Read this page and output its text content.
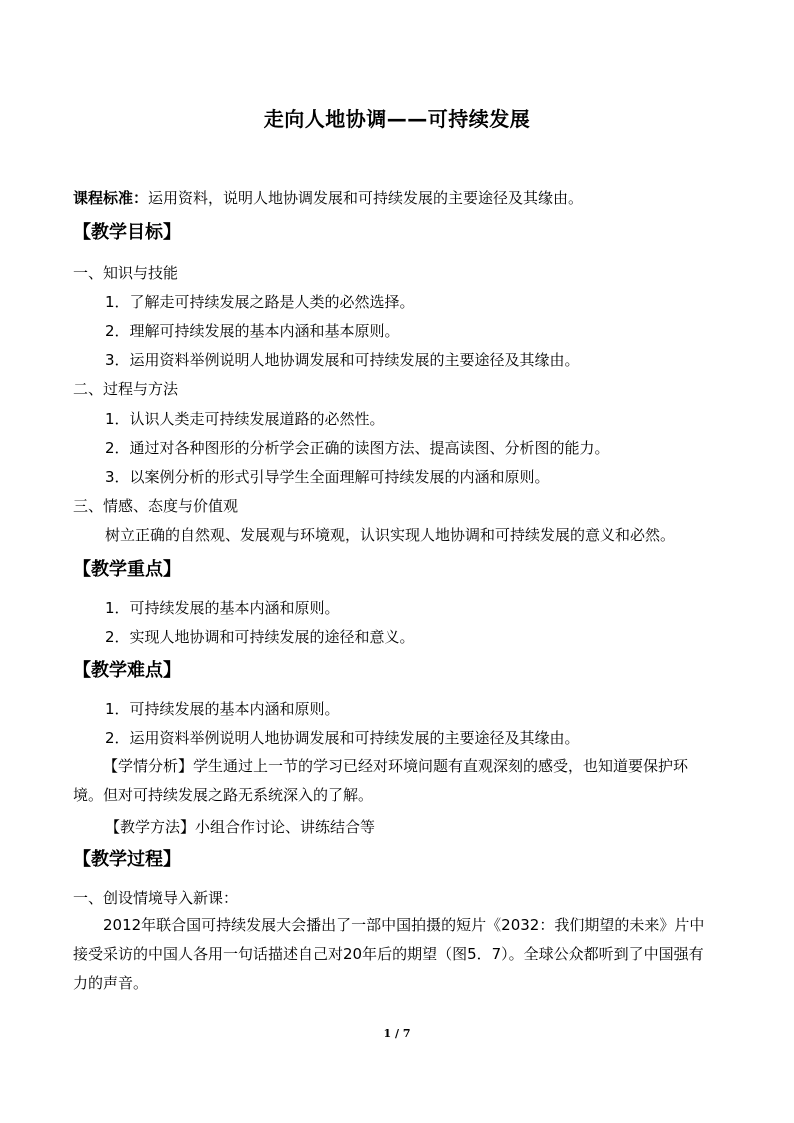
走向人地协调——可持续发展
课程标准：运用资料，说明人地协调发展和可持续发展的主要途径及其缘由。
【教学目标】
一、知识与技能
1．了解走可持续发展之路是人类的必然选择。
2．理解可持续发展的基本内涵和基本原则。
3．运用资料举例说明人地协调发展和可持续发展的主要途径及其缘由。
二、过程与方法
1．认识人类走可持续发展道路的必然性。
2．通过对各种图形的分析学会正确的读图方法、提高读图、分析图的能力。
3．以案例分析的形式引导学生全面理解可持续发展的内涵和原则。
三、情感、态度与价值观
树立正确的自然观、发展观与环境观，认识实现人地协调和可持续发展的意义和必然。
【教学重点】
1．可持续发展的基本内涵和原则。
2．实现人地协调和可持续发展的途径和意义。
【教学难点】
1．可持续发展的基本内涵和原则。
2．运用资料举例说明人地协调发展和可持续发展的主要途径及其缘由。
【学情分析】学生通过上一节的学习已经对环境问题有直观深刻的感受，也知道要保护环境。但对可持续发展之路无系统深入的了解。
【教学方法】小组合作讨论、讲练结合等
【教学过程】
一、创设情境导入新课：
2012年联合国可持续发展大会播出了一部中国拍摄的短片《2032：我们期望的未来》片中接受采访的中国人各用一句话描述自己对20年后的期望（图5．7）。全球公众都听到了中国强有力的声音。
1 / 7
